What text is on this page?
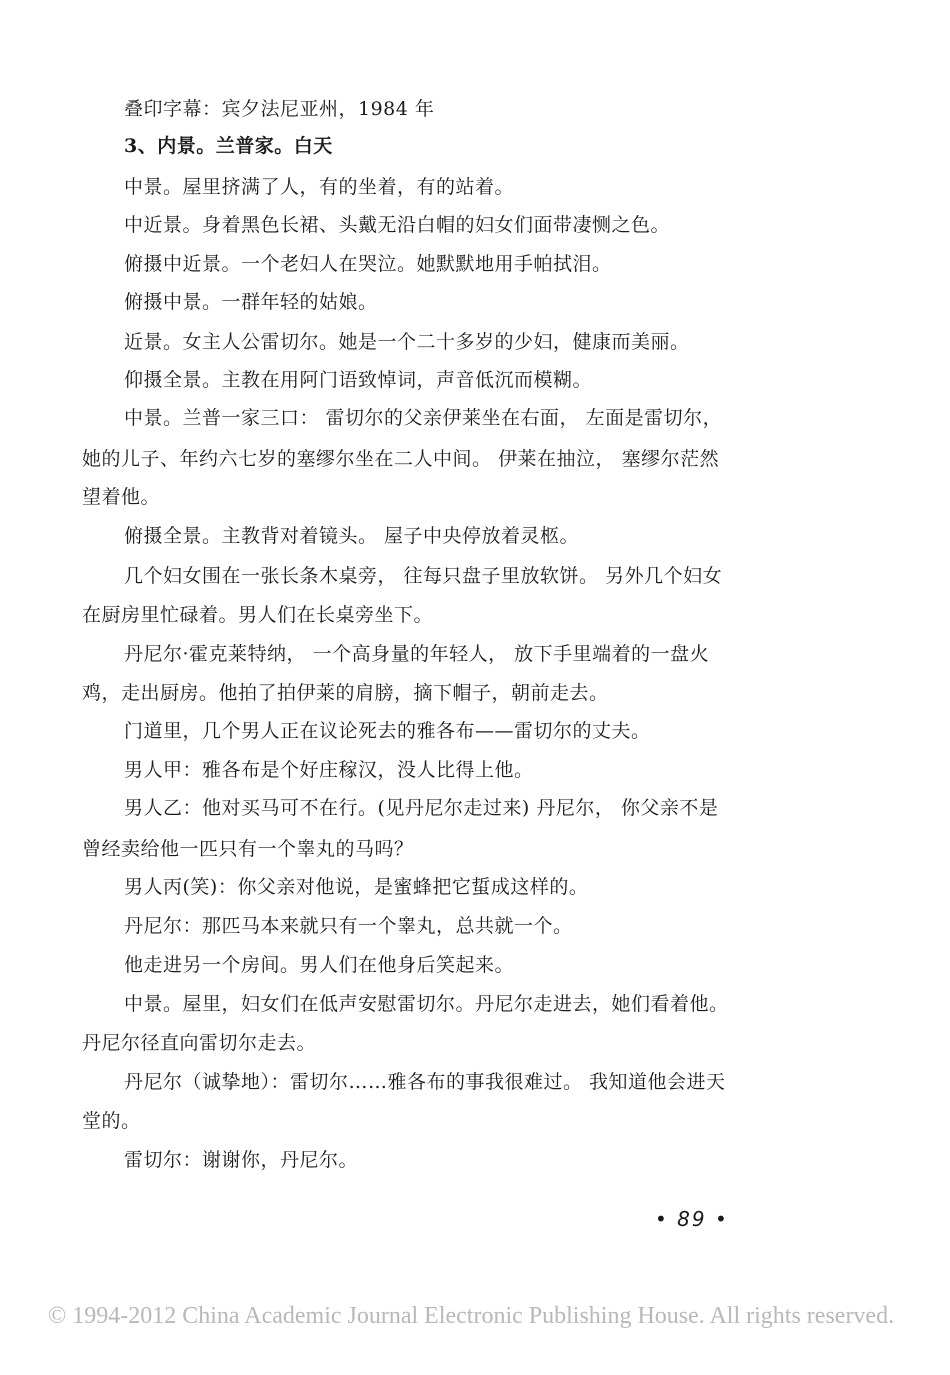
叠印字幕：宾夕法尼亚州，1984 年
3、内景。兰普家。白天
中景。屋里挤满了人，有的坐着，有的站着。
中近景。身着黑色长裙、头戴无沿白帽的妇女们面带凄恻之色。
俯摄中近景。一个老妇人在哭泣。她默默地用手帕拭泪。
俯摄中景。一群年轻的姑娘。
近景。女主人公雷切尔。她是一个二十多岁的少妇，健康而美丽。
仰摄全景。主教在用阿门语致悼词，声音低沉而模糊。
中景。兰普一家三口： 雷切尔的父亲伊莱坐在右面， 左面是雷切尔，
她的儿子、年约六七岁的塞缪尔坐在二人中间。 伊莱在抽泣， 塞缪尔茫然
望着他。
俯摄全景。主教背对着镜头。 屋子中央停放着灵柩。
几个妇女围在一张长条木桌旁， 往每只盘子里放软饼。 另外几个妇女
在厨房里忙碌着。男人们在长桌旁坐下。
丹尼尔·霍克莱特纳， 一个高身量的年轻人， 放下手里端着的一盘火
鸡，走出厨房。他拍了拍伊莱的肩膀，摘下帽子，朝前走去。
门道里，几个男人正在议论死去的雅各布——雷切尔的丈夫。
男人甲：雅各布是个好庄稼汉，没人比得上他。
男人乙：他对买马可不在行。(见丹尼尔走过来) 丹尼尔， 你父亲不是
曾经卖给他一匹只有一个睾丸的马吗？
男人丙(笑)：你父亲对他说，是蜜蜂把它蜇成这样的。
丹尼尔：那匹马本来就只有一个睾丸，总共就一个。
他走进另一个房间。男人们在他身后笑起来。
中景。屋里，妇女们在低声安慰雷切尔。丹尼尔走进去，她们看着他。
丹尼尔径直向雷切尔走去。
丹尼尔（诚挚地）：雷切尔……雅各布的事我很难过。 我知道他会进天
堂的。
雷切尔：谢谢你，丹尼尔。
• 89 •
© 1994-2012 China Academic Journal Electronic Publishing House. All rights reserved.
